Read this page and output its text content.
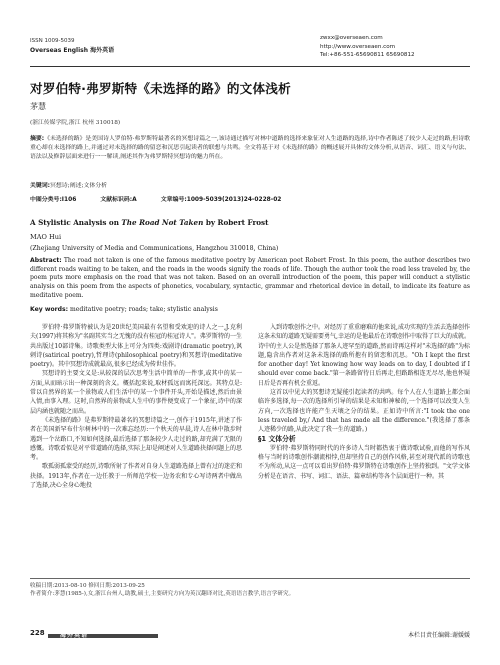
ISSN 1009-5039
Overseas English 海外英语
zwxx@overseaen.com
http://www.overseaen.com
Tel:+86-551-65690811 65690812
对罗伯特·弗罗斯特《未选择的路》的文体浅析
茅慧
(浙江传媒学院,浙江 杭州 310018)
摘要:《未选择的路》是美国诗人罗伯特·弗罗斯特最著名的冥想诗篇之一,该诗通过描写对林中道路的选择来象征对人生道路的选择,诗中作者陈述了较少人走过的路,但诗歌重心却在未选择的路上,并通过对未选择的路的留恋和沉思引起读者的联想与共鸣。全文将基于对《未选择的路》的概述展开具体的文体分析,从语音、词汇、语义与句法、语法以及修辞层面来进行一一解读,阐述其作为弗罗斯特冥想诗的魅力所在。
关键词:冥想诗;阐述;文体分析
中图分类号:I106	文献标识码:A	文章编号:1009-5039(2013)24-0228-02
A Stylistic Analysis on The Road Not Taken by Robert Frost
MAO Hui
(Zhejiang University of Media and Communications, Hangzhou 310018, China)
Abstract: The road not taken is one of the famous meditative poetry by American poet Robert Frost. In this poem, the author describes two different roads waiting to be taken, and the roads in the woods signify the roads of life. Though the author took the road less traveled by, the poem puts more emphasis on the road that was not taken. Based on an overall introduction of the poem, this paper will conduct a stylistic analysis on this poem from the aspects of phonetics, vocabulary, syntactic, grammar and rhetorical device in detail, to indicate its feature as meditative poem.
Key words: meditative poetry; roads; take; stylistic analysis

罗伯特·弗罗斯特被认为是20世纪美国最有名望和受欢迎的诗人之一,J.克利夫(1997)将其称为"名副其实当之无愧的没有桂冠的桂冠诗人"。弗罗斯特的一生共出版过10部诗集。诗歌类型大体上可分为四类:戏剧诗(dramatic poetry),讽刺诗(satirical poetry),哲理诗(philosophical poetry)和冥想诗(meditative poetry)。其中冥想诗成就最高,很多已经成为传世佳作。

冥想诗的主要文义是:从较深的层次思考生活中简单的一件事,或其中的某一方面,从而暗示出一种深刻的含义。概括起来说,取材孤远而寓托深远。其特点是:常以自然界的某一个景物或人们生活中的某一个事件开头,开始是描述,然后由景入情,由事入理。这时,自然界的景物或人生中的事件便变成了一个象征,诗中的深层内涵也就随之而出。

《未选择的路》是弗罗斯特最著名的冥想诗篇之一,创作于1915年,讲述了作者在美国新罕布什尔树林中的一次难忘经历:一个秋天的早晨,诗人在林中散步时遇到一个岔路口,不知如何选择,最后选择了那条较少人走过的路,却充满了无限的感慨。诗歌看似是对平常道路的选择,实际上却是阐述对人生道路抉择问题上的思考。

歌孤弱孤蒙受的经历,诗歌所射了作者对自身人生道路选择上曾有过的迷茫和抉择。1913年,作者在一边任教于一所师范学校一边务农和专心写诗两者中做出了选择,决心全身心地投

入到诗歌创作之中。对经历了重重磨难的他来说,成功实现的生活去选择创作这条未知的道路无疑需要勇气,幸运的是他最后在诗歌创作中取得了巨大的成就。诗中的主人公是然选择了那条人迹罕至的道路,然而诗再这样对"未选择的路"为标题,隐含出作者对这条未选择的路所抱有的留恋和沉思。"Oh I kept the first for another day! Yet knowing how way leads on to day, I doubted if I should ever come back."第一条路留待日后再走,但路路相连无尽尽,他也怀疑日后是否再有机会重返。

这首以中见大的冥想诗无疑能引起读者的共鸣。每个人在人生道路上都会面临许多选择,每一次的选择所引导的结果是未知和神秘的,一个选择可以改变人生方向,一次选择也许能产生天壤之分的结果。正如诗中所言:"I took the one less traveled by,/ And that has made all the difference."(我选择了那条人迹稀少的路,从此决定了我一生的道路。)

§1 文体分析

罗伯特·弗罗斯特同时代的许多诗人当时都热衷于做诗歌试验,而他的写作风格与当时的诗歌创作潮流相悖,但却坚持自己的创作风格,甚至对现代派的诗歌也不为所动,从这一点可以看出罗伯特·弗罗斯特在诗歌创作上坚持独到。"文学文体分析是在语音、书写、词汇、语法、篇章结构等各个层面进行一种。其

收稿日期:2013-08-10 修回日期:2013-09-25
作者简介:茅慧(1985-),女,浙江台州人,助教,硕士,主要研究方向为英汉翻译对比,英语语言教学,语言学研究。
228	海外英语	本栏目责任编辑:谢媛媛
